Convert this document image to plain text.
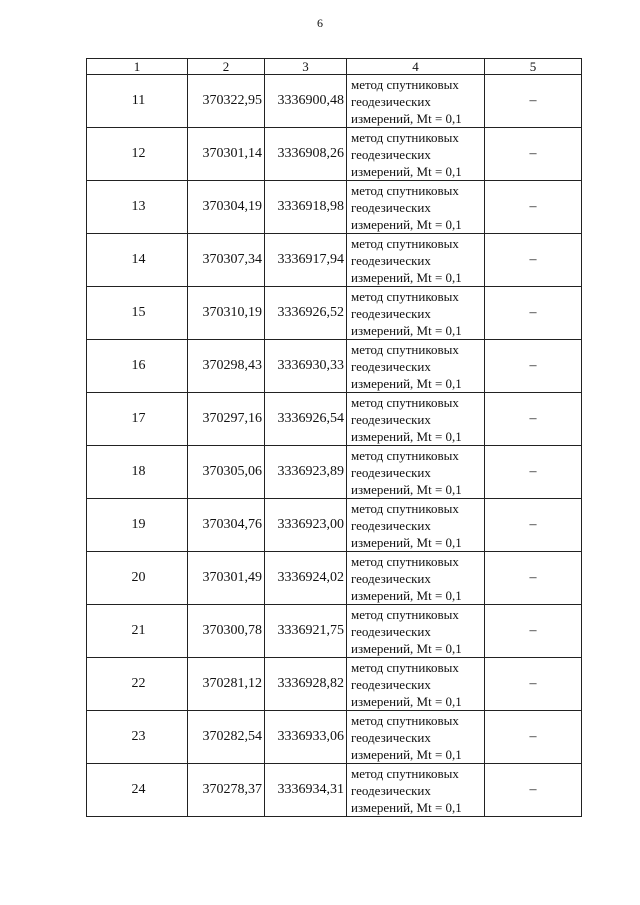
6
1	2	3	4	5
11	370322,95	3336900,48	метод спутниковых
геодезических
измерений, Mt = 0,1	–
12	370301,14	3336908,26	метод спутниковых
геодезических
измерений, Mt = 0,1	–
13	370304,19	3336918,98	метод спутниковых
геодезических
измерений, Mt = 0,1	–
14	370307,34	3336917,94	метод спутниковых
геодезических
измерений, Mt = 0,1	–
15	370310,19	3336926,52	метод спутниковых
геодезических
измерений, Mt = 0,1	–
16	370298,43	3336930,33	метод спутниковых
геодезических
измерений, Mt = 0,1	–
17	370297,16	3336926,54	метод спутниковых
геодезических
измерений, Mt = 0,1	–
18	370305,06	3336923,89	метод спутниковых
геодезических
измерений, Mt = 0,1	–
19	370304,76	3336923,00	метод спутниковых
геодезических
измерений, Mt = 0,1	–
20	370301,49	3336924,02	метод спутниковых
геодезических
измерений, Mt = 0,1	–
21	370300,78	3336921,75	метод спутниковых
геодезических
измерений, Mt = 0,1	–
22	370281,12	3336928,82	метод спутниковых
геодезических
измерений, Mt = 0,1	–
23	370282,54	3336933,06	метод спутниковых
геодезических
измерений, Mt = 0,1	–
24	370278,37	3336934,31	метод спутниковых
геодезических
измерений, Mt = 0,1	–
